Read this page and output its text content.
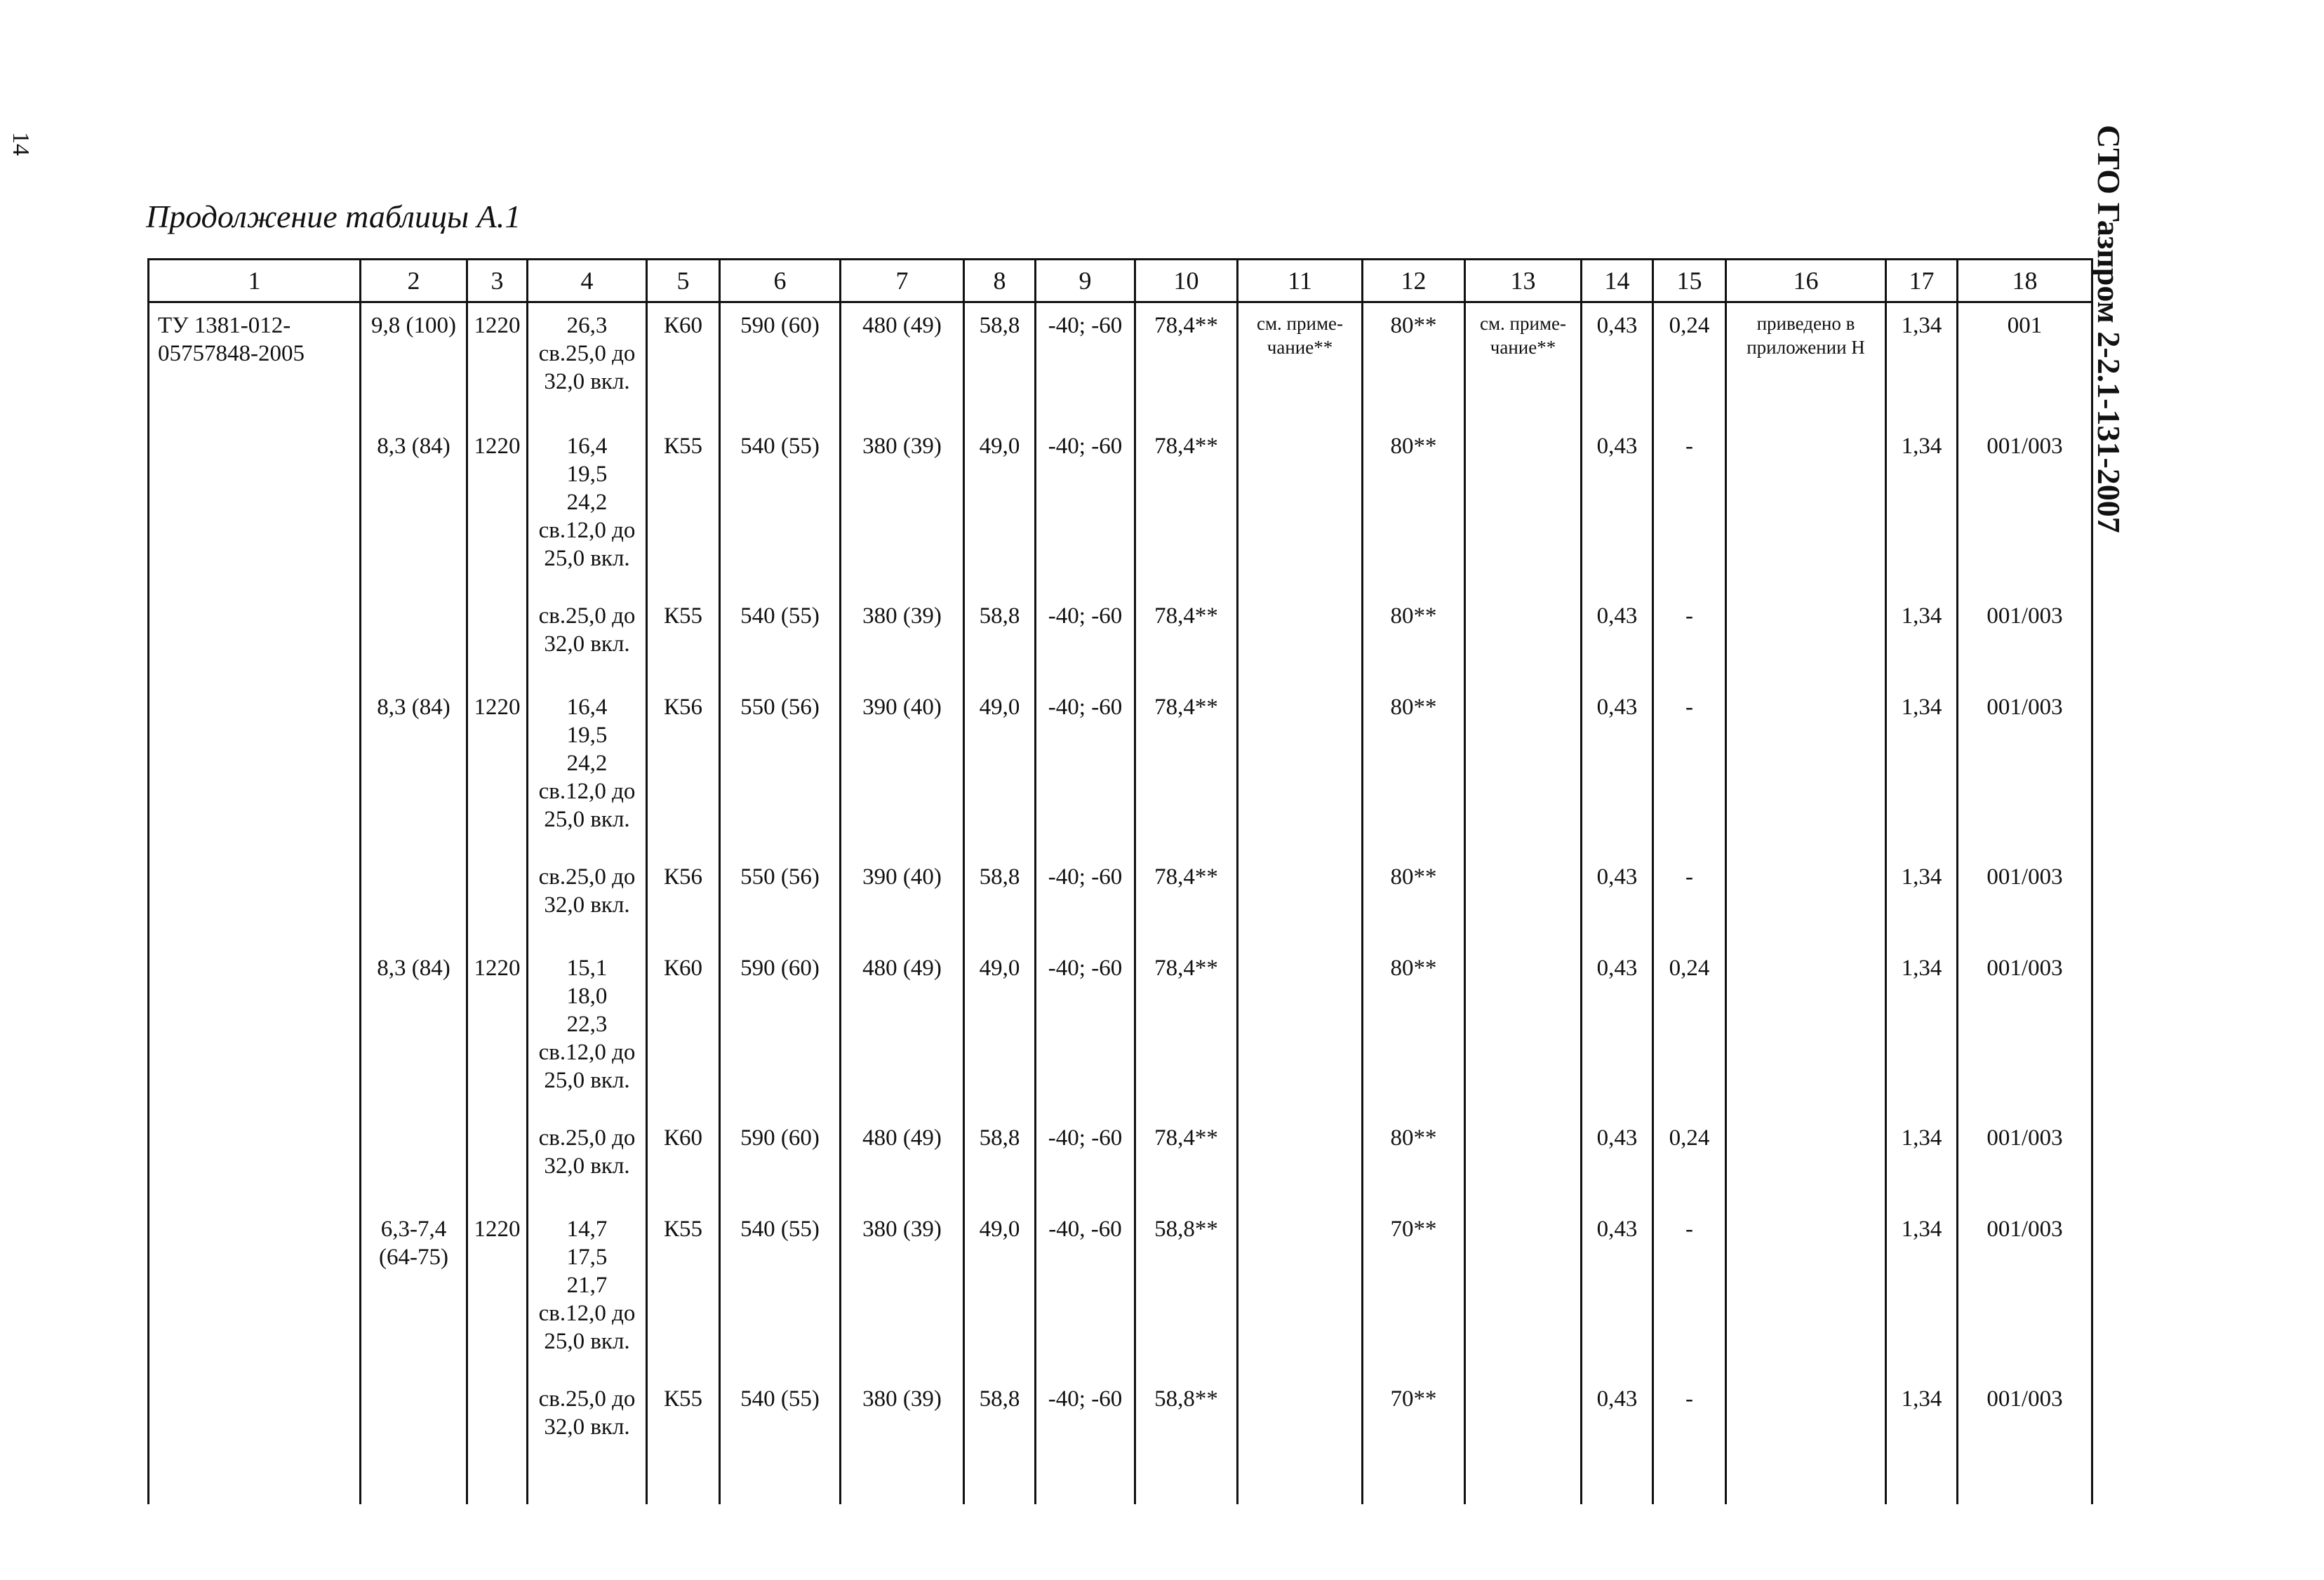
14	СТО Газпром 2-2.1-131-2007
Продолжение таблицы А.1
1	2	3	4	5	6	7	8	9	10	11	12	13	14	15	16	17	18

ТУ 1381-012-
05757848-2005	9,8 (100)	1220	26,3
св.25,0 до
32,0 вкл.	К60	590 (60)	480 (49)	58,8	-40; -60	78,4**	см. приме-
чание**	80**	см. приме-
чание**	0,43	0,24	приведено в
приложении Н	1,34	001

	8,3 (84)	1220	16,4
19,5
24,2
св.12,0 до
25,0 вкл.	К55	540 (55)	380 (39)	49,0	-40; -60	78,4**		80**		0,43	-		1,34	001/003

			св.25,0 до
32,0 вкл.	К55	540 (55)	380 (39)	58,8	-40; -60	78,4**		80**		0,43	-		1,34	001/003

	8,3 (84)	1220	16,4
19,5
24,2
св.12,0 до
25,0 вкл.	К56	550 (56)	390 (40)	49,0	-40; -60	78,4**		80**		0,43	-		1,34	001/003

			св.25,0 до
32,0 вкл.	К56	550 (56)	390 (40)	58,8	-40; -60	78,4**		80**		0,43	-		1,34	001/003

	8,3 (84)	1220	15,1
18,0
22,3
св.12,0 до
25,0 вкл.	К60	590 (60)	480 (49)	49,0	-40; -60	78,4**		80**		0,43	0,24		1,34	001/003

			св.25,0 до
32,0 вкл.	К60	590 (60)	480 (49)	58,8	-40; -60	78,4**		80**		0,43	0,24		1,34	001/003

	6,3-7,4
(64-75)	1220	14,7
17,5
21,7
св.12,0 до
25,0 вкл.	К55	540 (55)	380 (39)	49,0	-40, -60	58,8**		70**		0,43	-		1,34	001/003

			св.25,0 до
32,0 вкл.	К55	540 (55)	380 (39)	58,8	-40; -60	58,8**		70**		0,43	-		1,34	001/003
